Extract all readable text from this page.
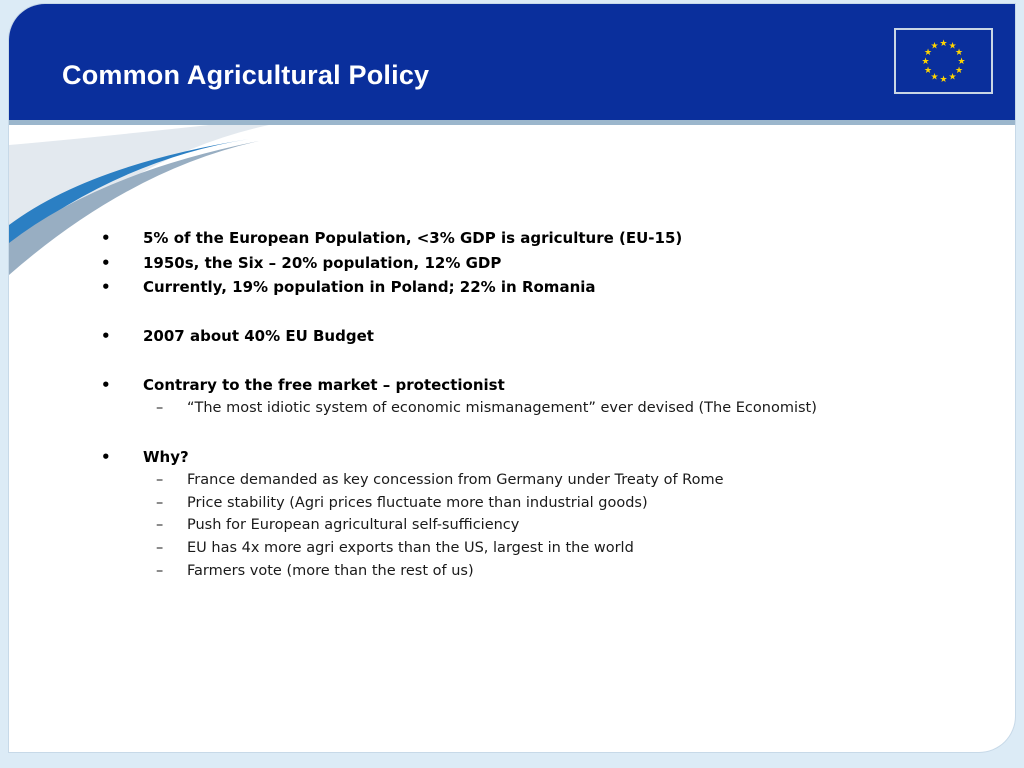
Common Agricultural Policy
★ ★
★
★
★
★
★
★
★
★
★
★
• 5% of the European Population, <3% GDP is agriculture (EU-15)
• 1950s, the Six – 20% population, 12% GDP
• Currently, 19% population in Poland; 22% in Romania
• 2007 about 40% EU Budget
• Contrary to the free market – protectionist
– “The most idiotic system of economic mismanagement” ever devised (The Economist)
• Why?
– France demanded as key concession from Germany under Treaty of Rome
– Price stability (Agri prices fluctuate more than industrial goods)
– Push for European agricultural self-sufficiency
– EU has 4x more agri exports than the US, largest in the world
– Farmers vote (more than the rest of us)
